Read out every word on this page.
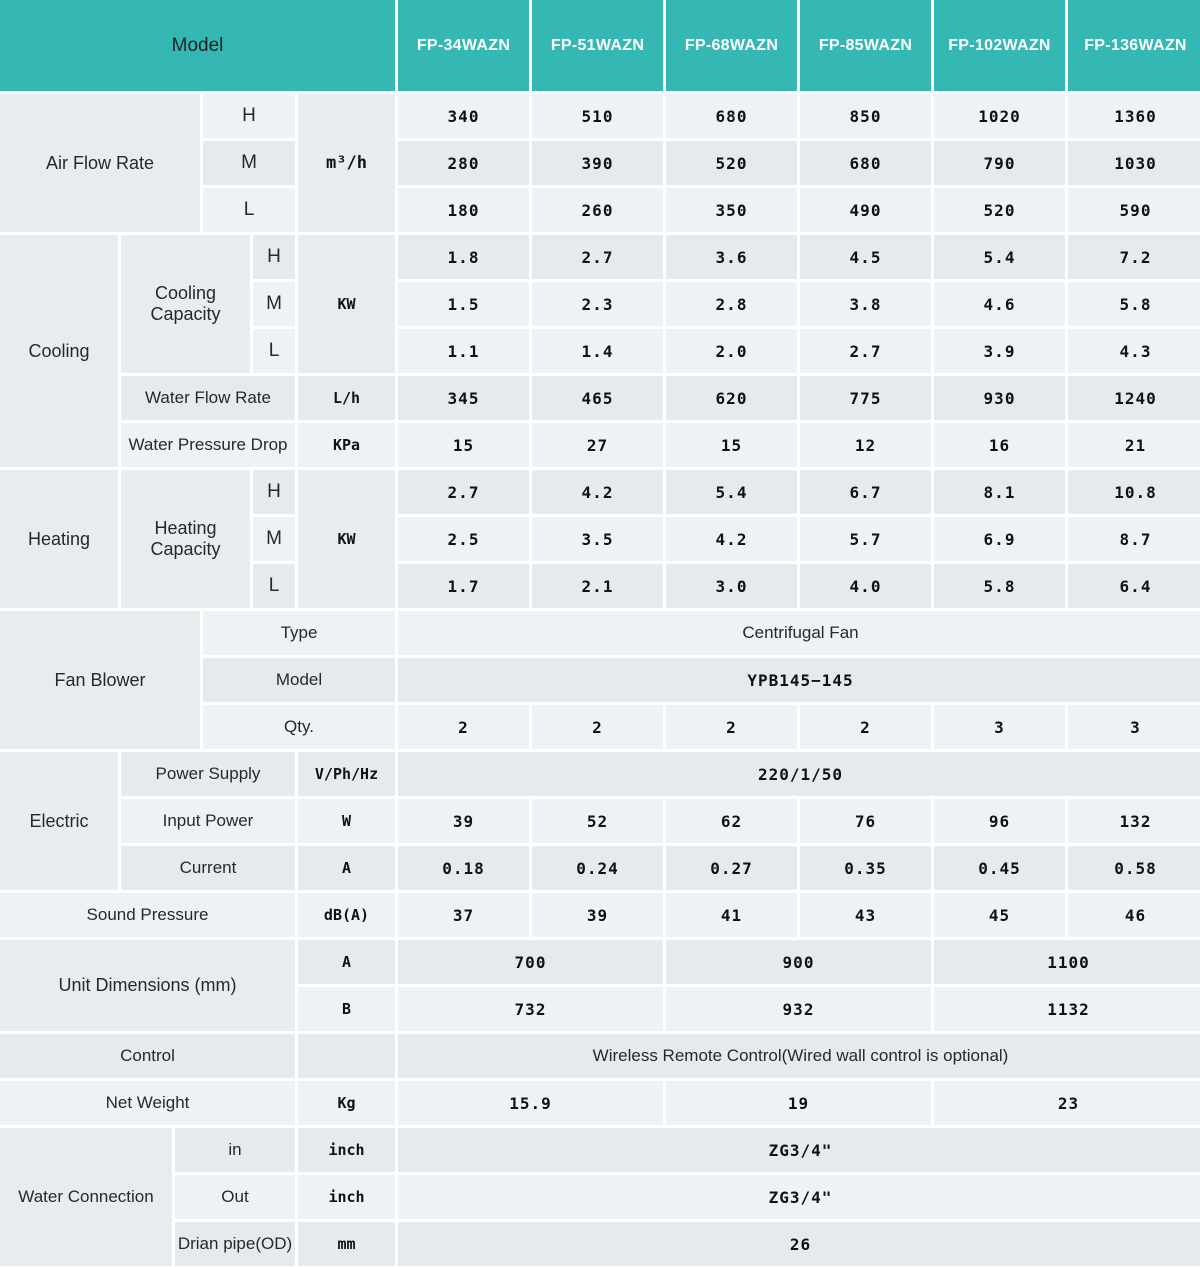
Model						FP-34WAZN	FP-51WAZN	FP-68WAZN	FP-85WAZN	FP-102WAZN	FP-136WAZN
Air Flow Rate			H		m³/h	340	510	680	850	1020	1360
			M			280	390	520	680	790	1030
			L			180	260	350	490	520	590
Cooling	Cooling Capacity			H	KW	1.8	2.7	3.6	4.5	5.4	7.2
				M		1.5	2.3	2.8	3.8	4.6	5.8
				L		1.1	1.4	2.0	2.7	3.9	4.3
	Water Flow Rate				L/h	345	465	620	775	930	1240
	Water Pressure Drop				KPa	15	27	15	12	16	21
Heating	Heating Capacity			H	KW	2.7	4.2	5.4	6.7	8.1	10.8
				M		2.5	3.5	4.2	5.7	6.9	8.7
				L		1.7	2.1	3.0	4.0	5.8	6.4
Fan Blower			Type			Centrifugal Fan					
			Model			YPB145−145					
			Qty.			2	2	2	2	3	3
Electric	Power Supply				V/Ph/Hz	220/1/50					
	Input Power				W	39	52	62	76	96	132
	Current				A	0.18	0.24	0.27	0.35	0.45	0.58
Sound Pressure					dB(A)	37	39	41	43	45	46
Unit Dimensions (mm)					A	700		900		1100	
					B	732		932		1132	
Control						Wireless Remote Control(Wired wall control is optional)					
Net Weight					Kg	15.9		19		23	
Water Connection		in			inch	ZG3/4"					
		Out			inch	ZG3/4"					
		Drian pipe(OD)			mm	26					
